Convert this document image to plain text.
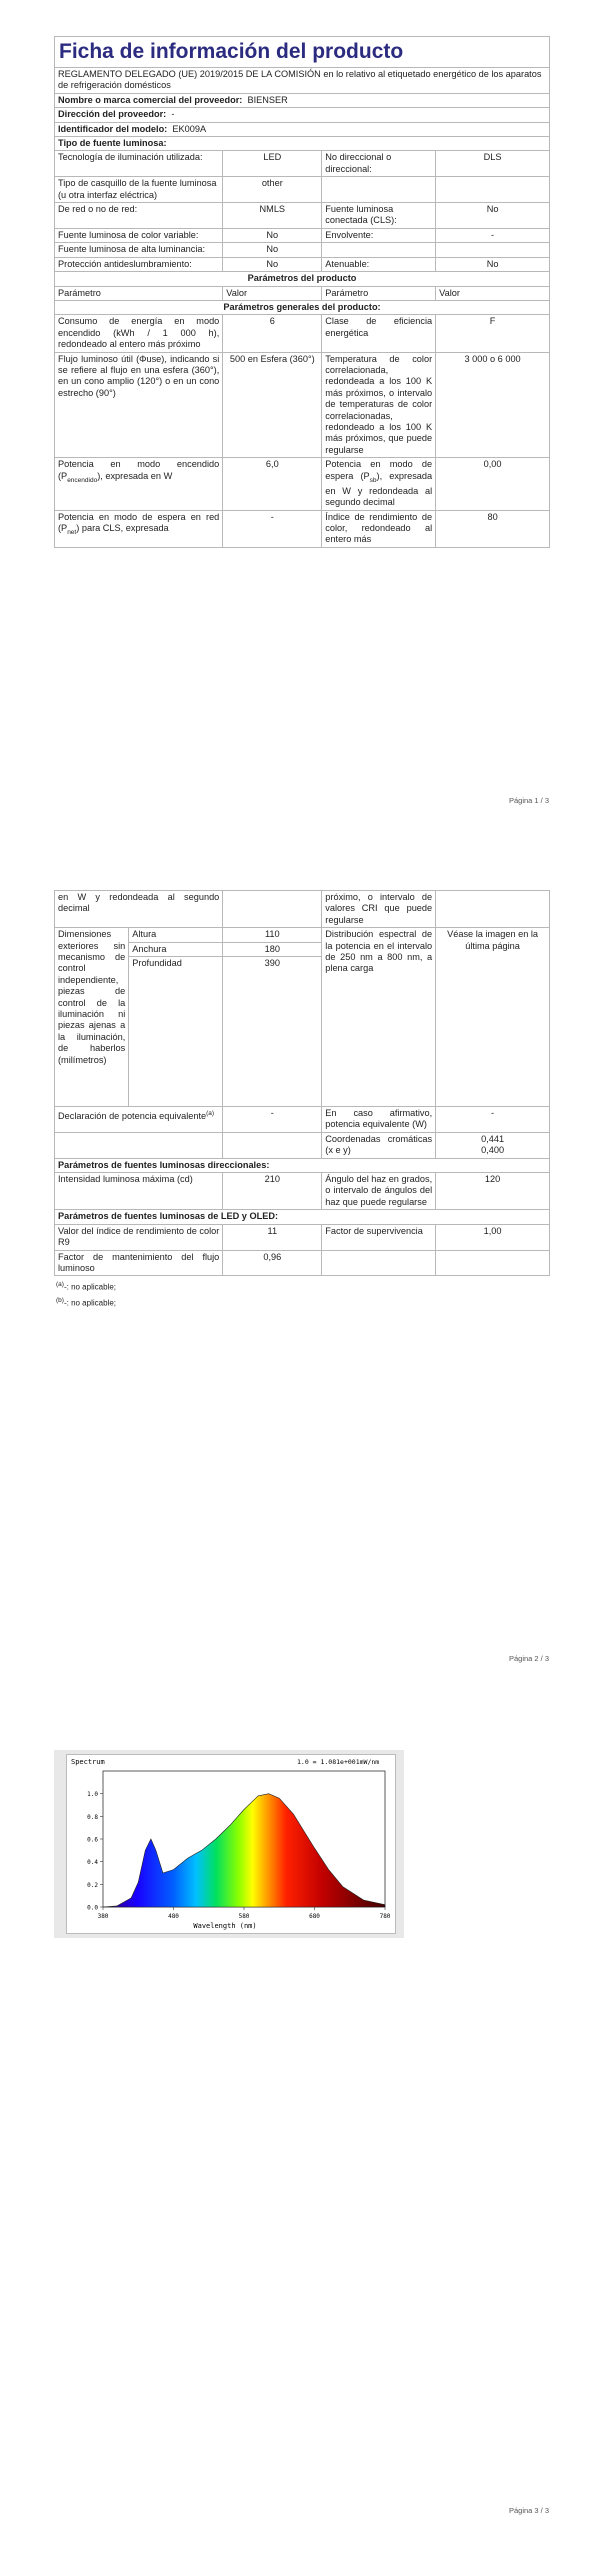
Ficha de información del producto
REGLAMENTO DELEGADO (UE) 2019/2015 DE LA COMISIÓN en lo relativo al etiquetado energético de los aparatos de refrigeración domésticos			
Nombre o marca comercial del proveedor: BIENSER			
Dirección del proveedor: -			
Identificador del modelo: EK009A			
Tipo de fuente luminosa:			
Tecnología de iluminación utilizada:	LED	No direccional o direccional:	DLS

Tipo de casquillo de la fuente luminosa
(u otra interfaz eléctrica)	other		
De red o no de red:	NMLS	Fuente luminosa conectada (CLS):	No
Fuente luminosa de color variable:	No	Envolvente:	-
Fuente luminosa de alta luminancia:	No		
Protección antideslumbramiento:	No	Atenuable:	No
Parámetros del producto			
Parámetro	Valor	Parámetro	Valor
Parámetros generales del producto:			
Consumo de energía en modo encendido (kWh / 1 000 h), redondeado al entero más próximo	6	Clase de eficiencia energética	F
Flujo luminoso útil (Φuse), indicando si se refiere al flujo en una esfera (360°), en un cono amplio (120°) o en un cono estrecho (90°)	500 en Esfera (360°)	Temperatura de color correlacionada, redondeada a los 100 K más próximos, o intervalo de temperaturas de color correlacionadas, redondeado a los 100 K más próximos, que puede regularse	3 000 o 6 000
Potencia en modo encendido $(P_{encendido})$, expresada en W	6,0	Potencia en modo de espera $(P_{sb})$, expresada en W y redondeada al segundo decimal	0,00
Potencia en modo de espera en red $(P_{net})$ para CLS, expresada	-	Índice de rendimiento de color, redondeado al entero más	80
Página 1 / 3
en W y redondeada al segundo decimal			próximo, o intervalo de valores CRI que puede regularse	
Dimensiones exteriores sin mecanismo de control independiente, piezas de control de la iluminación ni piezas ajenas a la iluminación, de haberlos (milímetros)	Altura	110	Distribución espectral de la potencia en el intervalo de 250 nm a 800 nm, a plena carga	Véase la imagen en la última página
	Anchura	180		
	Profundidad	390		
Declaración de potencia equivalente$^{(a)}$		-	En caso afirmativo, potencia equivalente (W)	-
			Coordenadas cromáticas (x e y)	0,441
0,400

Parámetros de fuentes luminosas direccionales:				
Intensidad luminosa máxima (cd)		210	Ángulo del haz en grados, o intervalo de ángulos del haz que puede regularse	120
Parámetros de fuentes luminosas de LED y OLED:				
Valor del índice de rendimiento de color R9		11	Factor de supervivencia	1,00
Factor de mantenimiento del flujo luminoso		0,96		
$^{(a)}$-: no aplicable;
$^{(b)}$-: no aplicable;
Página 2 / 3
Página 3 / 3
Spectrum	1.0 = 1.081e+001mW/nm
1.0
0.8
0.6
0.4
0.2
0.0
380	480	580	680	780
Wavelength (nm)
